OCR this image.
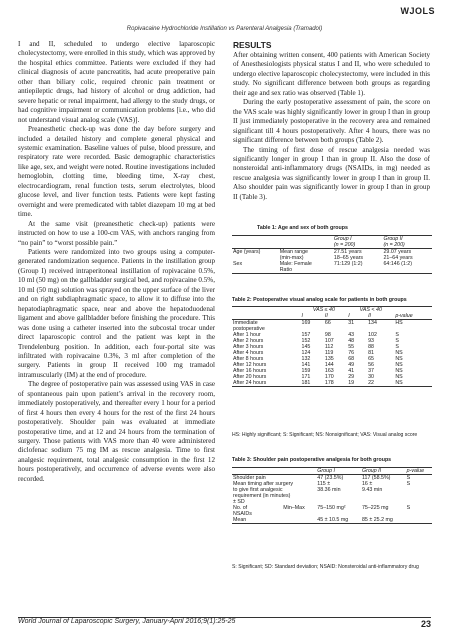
WJOLS
Ropivacaine Hydrochloride Instillation vs Parenteral Analgesia (Tramadol)

I and II, scheduled to undergo elective laparoscopic cholecystectomy, were enrolled in this study, which was approved by the hospital ethics committee. Patients were excluded if they had clinical diagnosis of acute pancreatitis, had acute preoperative pain other than biliary colic, required chronic pain treatment or antiepileptic drugs, had history of alcohol or drug addiction, had severe hepatic or renal impairment, had allergy to the study drugs, or had cognitive impairment or communication problems [i.e., who did not understand visual analog scale (VAS)].

Preanesthetic check-up was done the day before surgery and included a detailed history and complete general physical and systemic examination. Baseline values of pulse, blood pressure, and respiratory rate were recorded. Basic demographic characteristics like age, sex, and weight were noted. Routine investigations included hemoglobin, clotting time, bleeding time, X-ray chest, electrocardiogram, renal function tests, serum electrolytes, blood glucose level, and liver function tests. Patients were kept fasting overnight and were premedicated with tablet diazepam 10 mg at bed time.

At the same visit (preanesthetic check-up) patients were instructed on how to use a 100-cm VAS, with anchors ranging from “no pain” to “worst possible pain.”

Patients were randomized into two groups using a computer-generated randomization sequence. Patients in the instillation group (Group I) received intraperitoneal instillation of ropivacaine 0.5%, 10 ml (50 mg) on the gallbladder surgical bed, and ropivacaine 0.5%, 10 ml (50 mg) solution was sprayed on the upper surface of the liver and on right subdiaphragmatic space, to allow it to diffuse into the hepatodiaphragmatic space, near and above the hepatoduodenal ligament and above gallbladder before finishing the procedure. This was done using a catheter inserted into the subcostal trocar under direct laparoscopic control and the patient was kept in the Trendelenburg position. In addition, each four-portal site was infiltrated with ropivacaine 0.3%, 3 ml after completion of the surgery. Patients in group II received 100 mg tramadol intramuscularly (IM) at the end of procedure.

The degree of postoperative pain was assessed using VAS in case of spontaneous pain upon patient’s arrival in the recovery room, immediately postoperatively, and thereafter every 1 hour for a period of first 4 hours then every 4 hours for the rest of the first 24 hours postoperatively. Shoulder pain was evaluated at immediate postoperative time, and at 12 and 24 hours from the termination of surgery. Those patients with VAS more than 40 were administered diclofenac sodium 75 mg IM as rescue analgesia. Time to first analgesic requirement, total analgesic consumption in the first 12 hours postoperatively, and occurrence of adverse events were also recorded.

RESULTS

After obtaining written consent, 400 patients with American Society of Anesthesiologists physical status I and II, who were scheduled to undergo elective laparoscopic cholecystectomy, were included in this study. No significant difference between both groups as regarding their age and sex ratio was observed (Table 1).

During the early postoperative assessment of pain, the score on the VAS scale was highly significantly lower in group I than in group II just immediately postoperative in the recovery area and remained significant till 4 hours postoperatively. After 4 hours, there was no significant difference between both groups (Table 2).

The timing of first dose of rescue analgesia needed was significantly longer in group I than in group II. Also the dose of nonsteroidal anti-inflammatory drugs (NSAIDs, in mg) needed as rescue analgesia was significantly lower in group I than in group II. Also shoulder pain was significantly lower in group I than in group II (Table 3).

Table 1: Age and sex of both groups
		Group I	Group II
		(n = 200)	(n = 200)
Age (years)	Mean range	27.51 years	29.07 years
	(min-max)	18–65 years	21–64 years
Sex	Male: Female	71:129 (1:2)	64:146 (1:2)
	Ratio		
Table 2: Postoperative visual analog scale for patients in both groups
	VAS ≤ 40		VAS < 40		
	I	II	I	II	p-value
Immediate	169	66	31	134	HS
postoperative					
After 1 hour	157	98	43	102	S
After 2 hours	152	107	48	93	S
After 3 hours	145	112	55	88	S
After 4 hours	124	119	76	81	NS
After 8 hours	132	135	68	65	NS
After 12 hours	141	144	49	56	NS
After 16 hours	159	163	41	37	NS
After 20 hours	171	170	29	30	NS
After 24 hours	181	178	19	22	NS
HS: Highly significant; S: Significant; NS: Nonsignificant; VAS: Visual analog score
Table 3: Shoulder pain postoperative analgesia for both groups
		Group I	Group II	p-value
Shoulder pain		47 (23.5%)	117 (58.5%)	S
Mean timing after surgery		115 ±	16 ±	S
to give first analgesic		38.36 min	9.43 min	
requirement (in minutes)				
± SD				
No. of	Min–Max	75–150 mg²	75–225 mg	S
NSAIDs				
Mean		45 ± 10.5 mg	85 ± 25.2 mg	
S: Significant; SD: Standard deviation; NSAID: Nonsteroidal anti-inflammatory drug
World Journal of Laparoscopic Surgery, January-April 2016;9(1):25-25	23
